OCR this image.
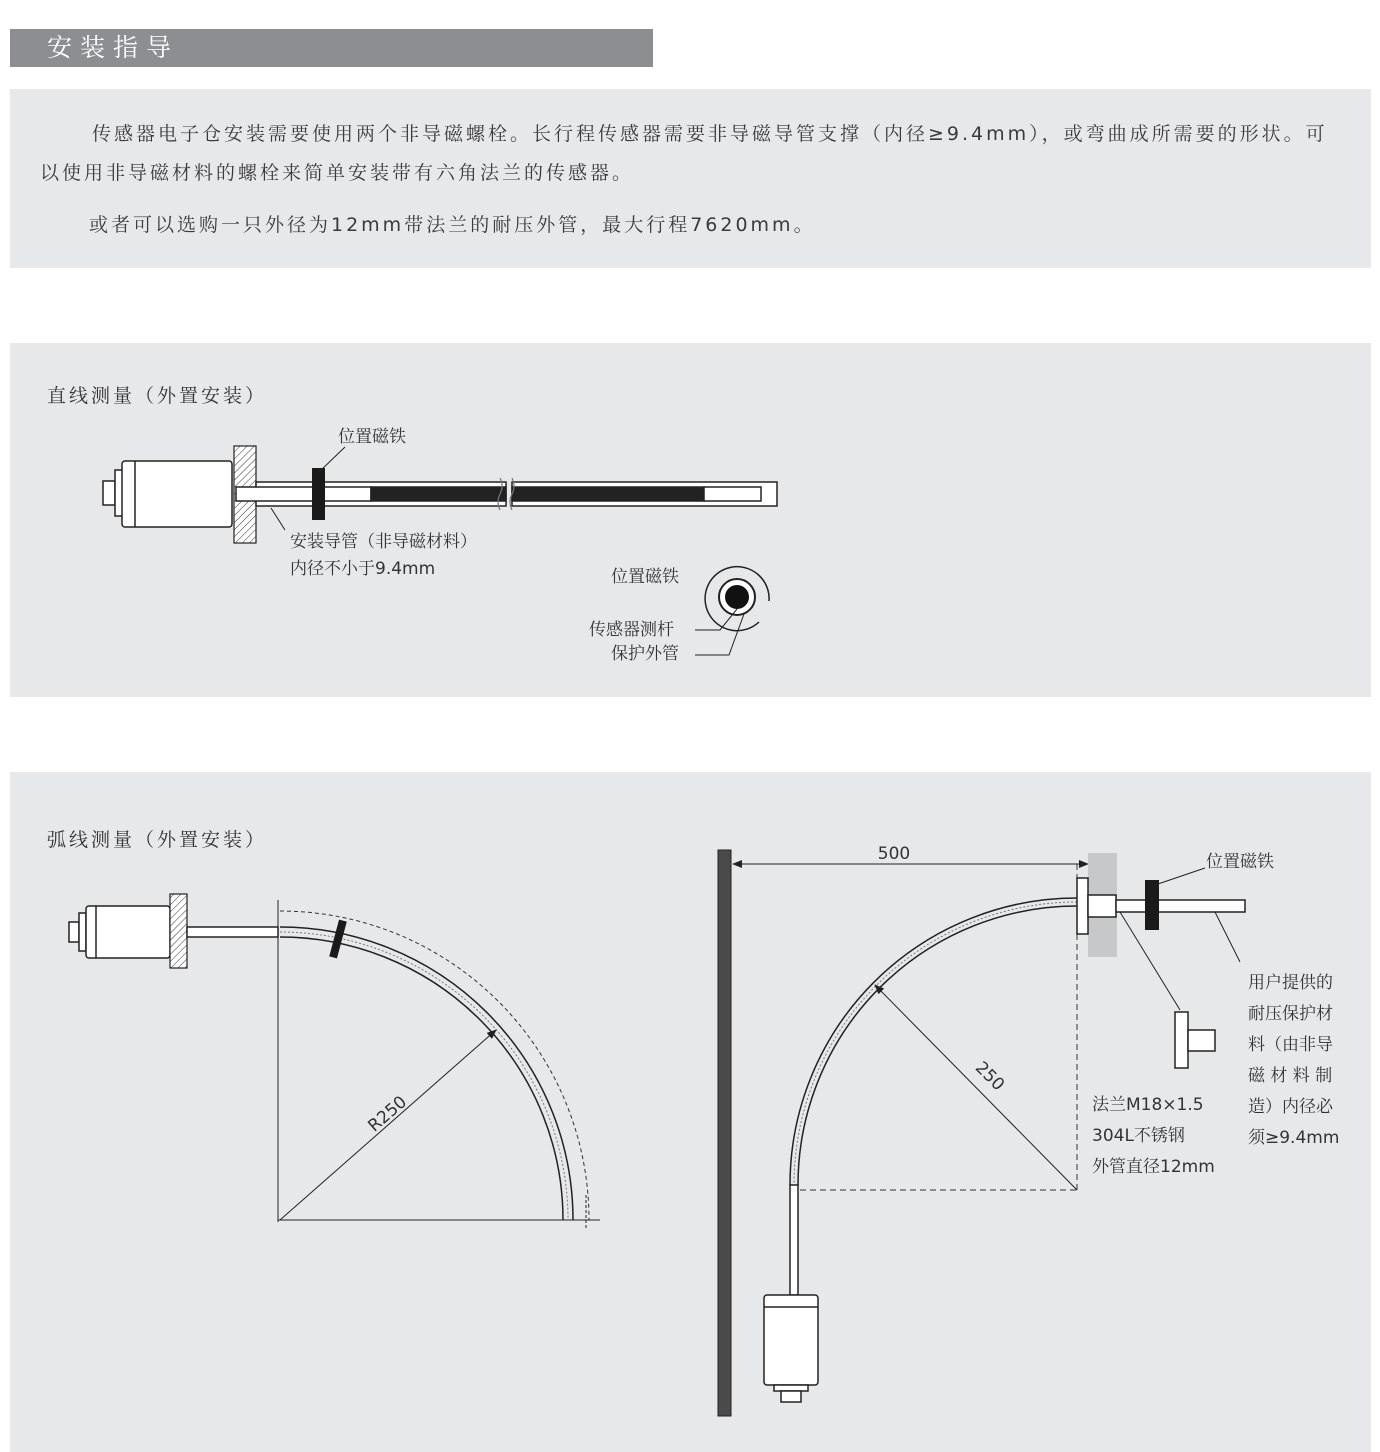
安装指导
传感器电子仓安装需要使用两个非导磁螺栓。长行程传感器需要非导磁导管支撑（内径≥9.4mm），或弯曲成所需要的形状。可以使用非导磁材料的螺栓来简单安装带有六角法兰的传感器。
或者可以选购一只外径为12mm带法兰的耐压外管，最大行程7620mm。
直线测量（外置安装）
弧线测量（外置安装）
位置磁铁
安装导管（非导磁材料）
内径不小于9.4mm	位置磁铁
传感器测杆
保护外管
R250
500
250
位置磁铁
用户提供的
耐压保护材
料（由非导
磁 材 料 制
造）内径必
须≥9.4mm
法兰M18×1.5
304L不锈钢
外管直径12mm
